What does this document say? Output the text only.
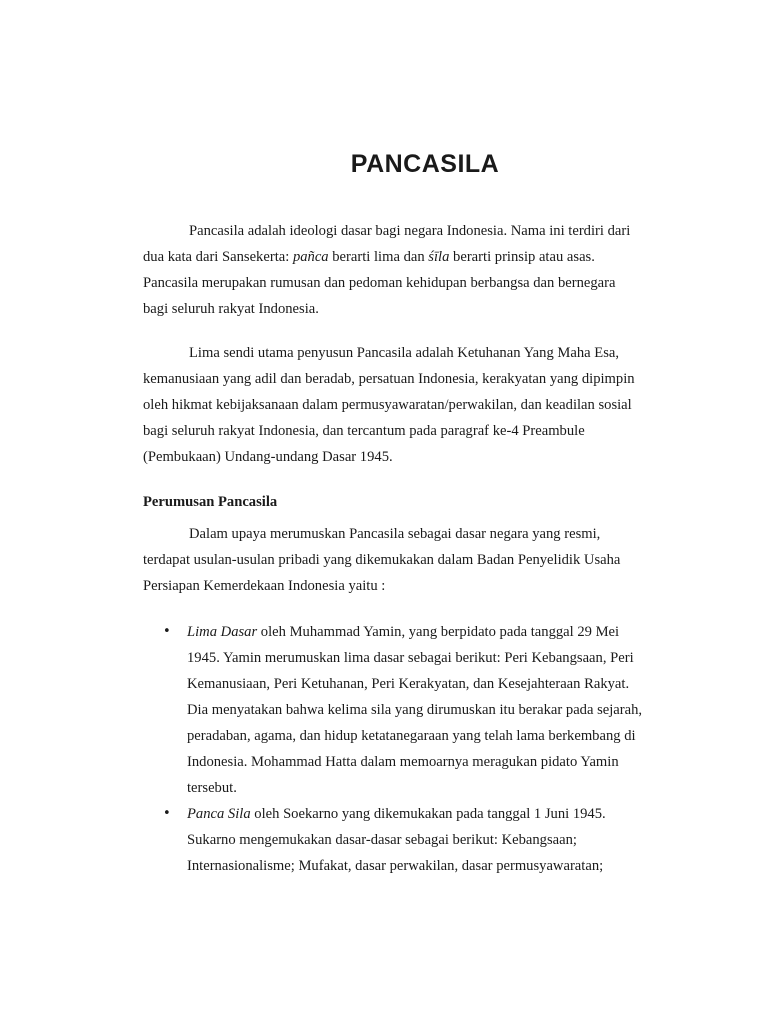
PANCASILA

Pancasila adalah ideologi dasar bagi negara Indonesia. Nama ini terdiri dari dua kata dari Sansekerta: pañca berarti lima dan śīla berarti prinsip atau asas. Pancasila merupakan rumusan dan pedoman kehidupan berbangsa dan bernegara bagi seluruh rakyat Indonesia.

Lima sendi utama penyusun Pancasila adalah Ketuhanan Yang Maha Esa, kemanusiaan yang adil dan beradab, persatuan Indonesia, kerakyatan yang dipimpin oleh hikmat kebijaksanaan dalam permusyawaratan/perwakilan, dan keadilan sosial bagi seluruh rakyat Indonesia, dan tercantum pada paragraf ke-4 Preambule (Pembukaan) Undang-undang Dasar 1945.

Perumusan Pancasila

Dalam upaya merumuskan Pancasila sebagai dasar negara yang resmi, terdapat usulan-usulan pribadi yang dikemukakan dalam Badan Penyelidik Usaha Persiapan Kemerdekaan Indonesia yaitu :

• Lima Dasar oleh Muhammad Yamin, yang berpidato pada tanggal 29 Mei 1945. Yamin merumuskan lima dasar sebagai berikut: Peri Kebangsaan, Peri Kemanusiaan, Peri Ketuhanan, Peri Kerakyatan, dan Kesejahteraan Rakyat. Dia menyatakan bahwa kelima sila yang dirumuskan itu berakar pada sejarah, peradaban, agama, dan hidup ketatanegaraan yang telah lama berkembang di Indonesia. Mohammad Hatta dalam memoarnya meragukan pidato Yamin tersebut.
• Panca Sila oleh Soekarno yang dikemukakan pada tanggal 1 Juni 1945. Sukarno mengemukakan dasar-dasar sebagai berikut: Kebangsaan; Internasionalisme; Mufakat, dasar perwakilan, dasar permusyawaratan;
